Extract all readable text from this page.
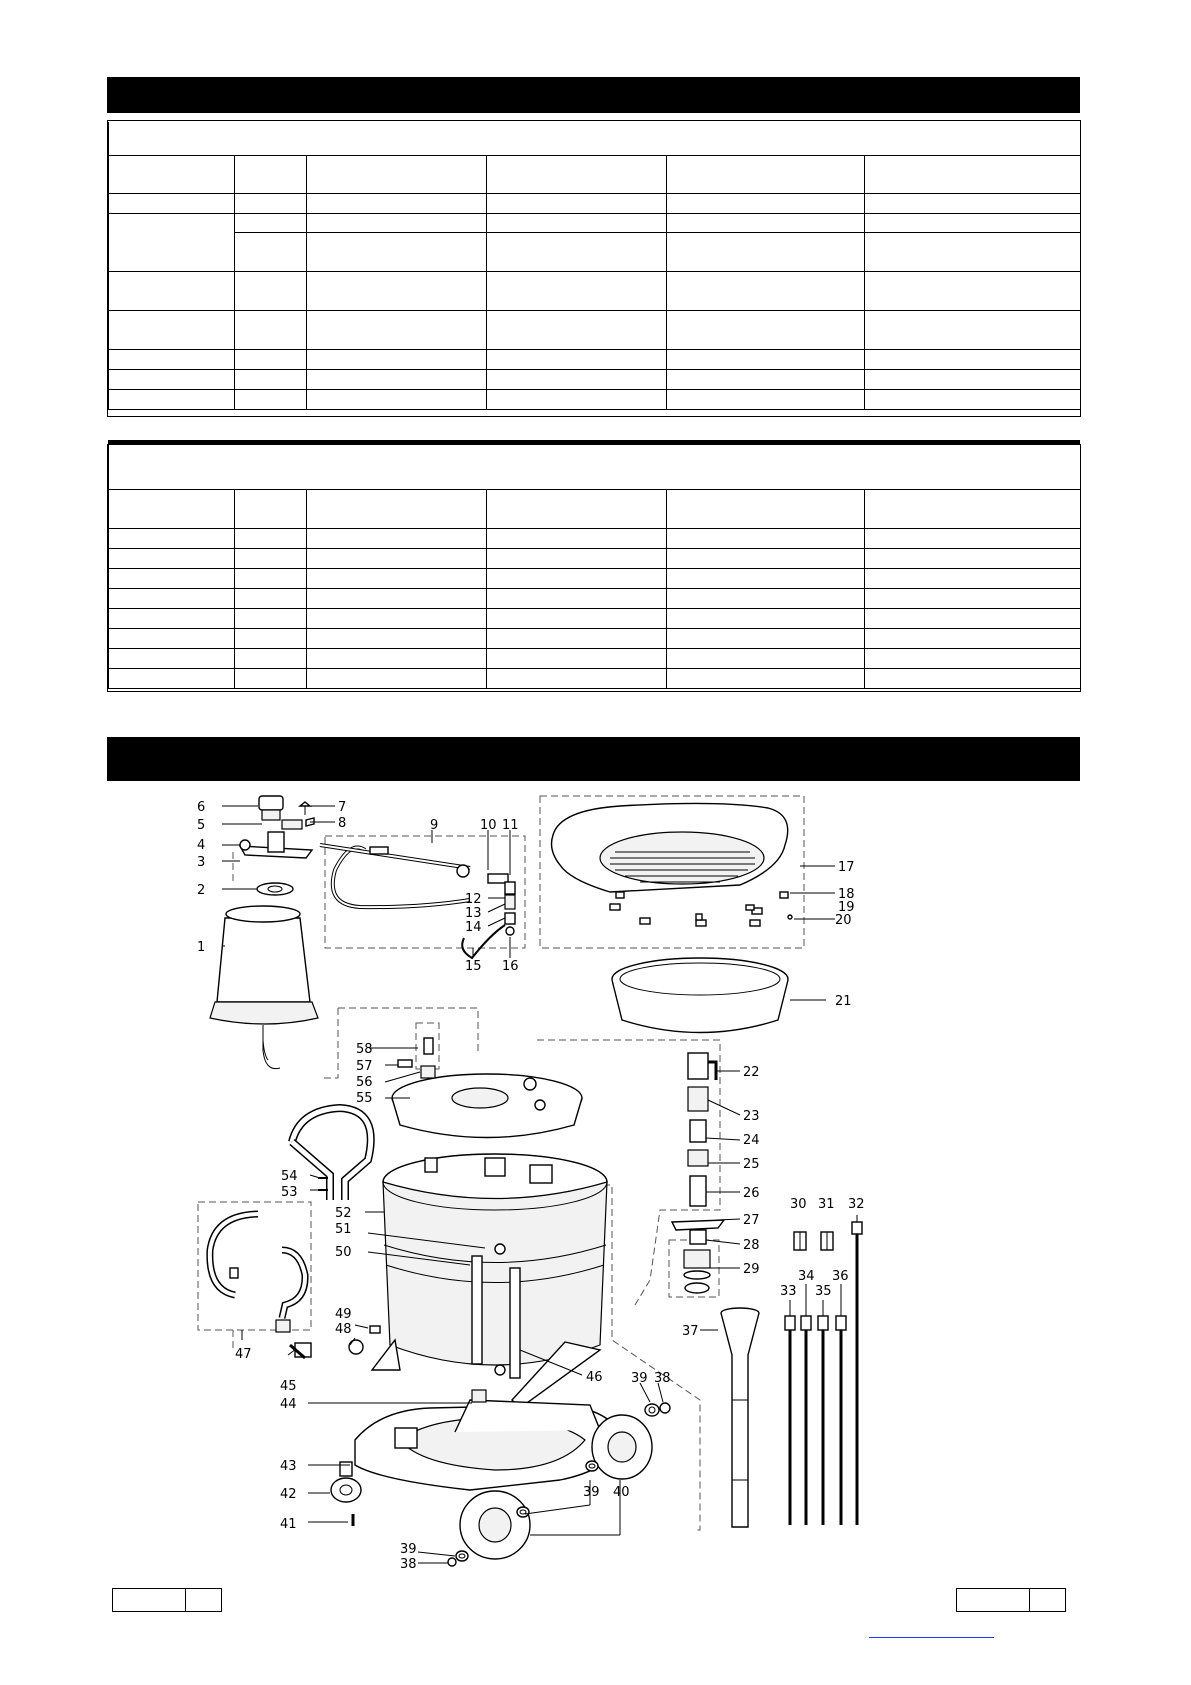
6
5
4
3
2
1
7
8	9	10 11
12
13
14
15 16
17
18
19
20
21
22
23
24
25
26
27
28
29
30 31 32
33
34
35
36
37
38
39
39 40
39
38
41
42
43
44
45
46
47
48
49
50
51
52
53
54
55
56
57
58
